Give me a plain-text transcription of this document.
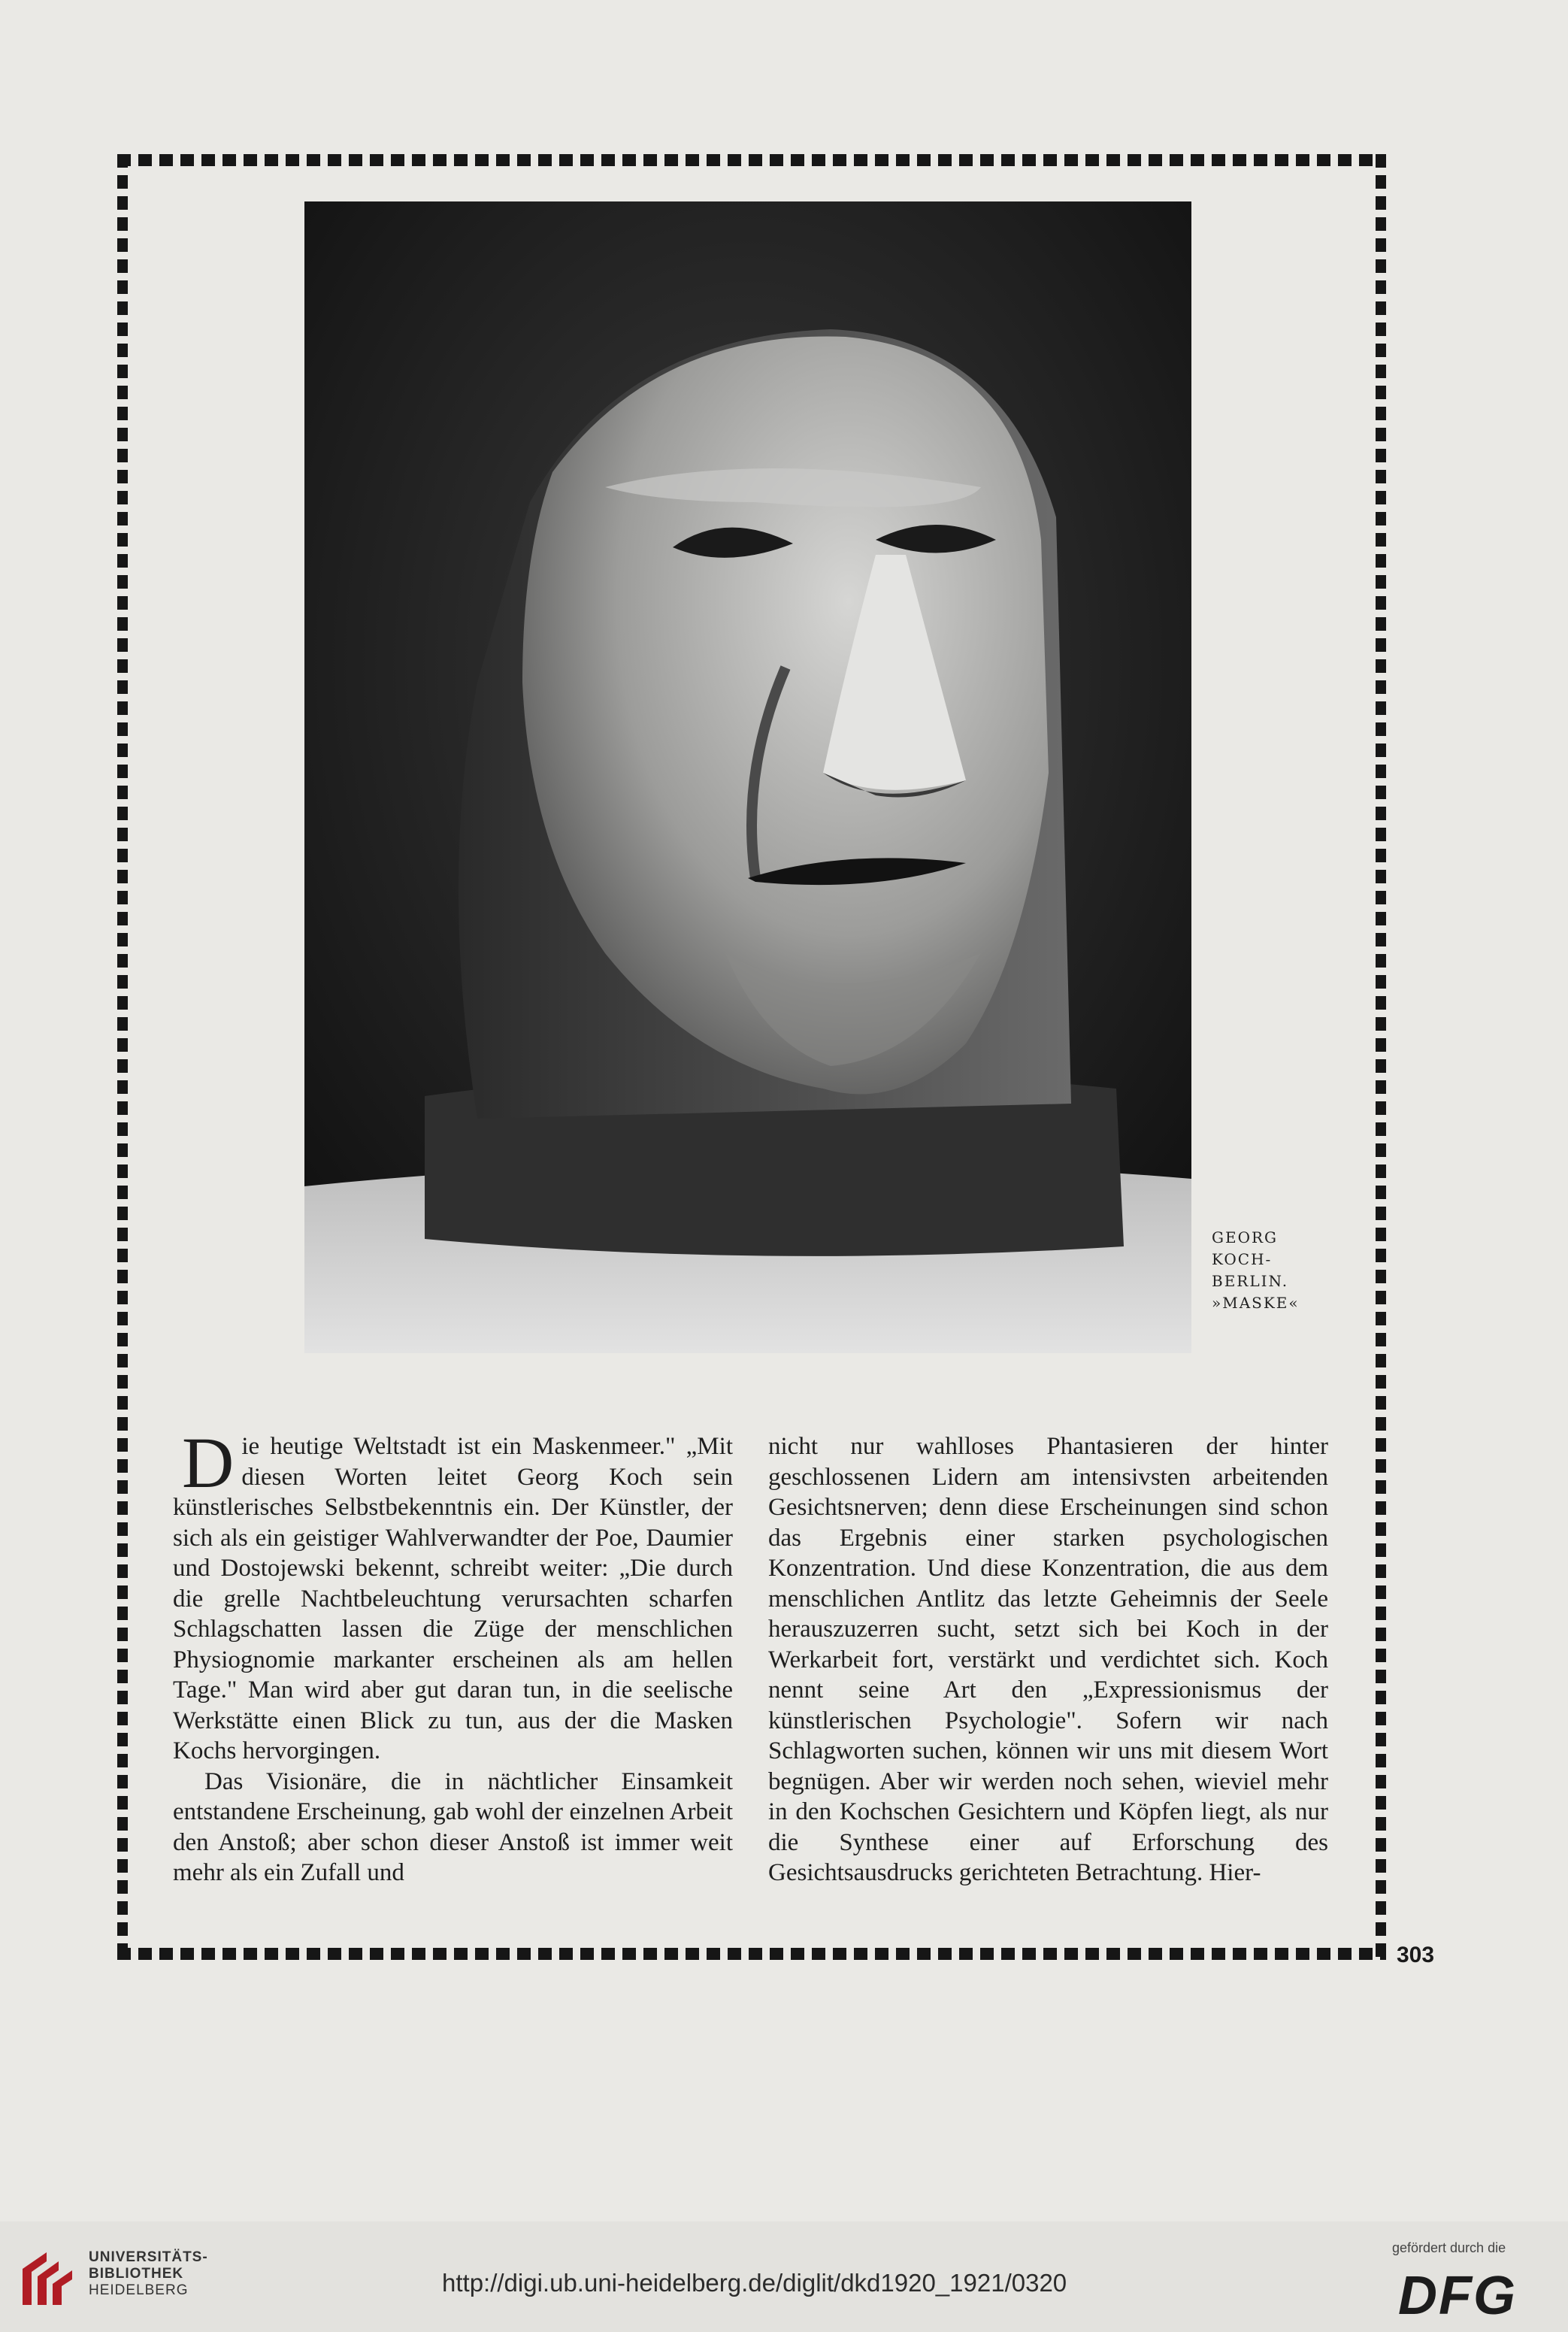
GEORG
KOCH-
BERLIN.
»MASKE«

Die heutige Weltstadt ist ein Maskenmeer." „Mit diesen Worten leitet Georg Koch sein künstlerisches Selbstbekenntnis ein. Der Künstler, der sich als ein geistiger Wahlverwandter der Poe, Daumier und Dostojewski bekennt, schreibt weiter: „Die durch die grelle Nachtbeleuchtung verursachten scharfen Schlagschatten lassen die Züge der menschlichen Physiognomie markanter erscheinen als am hellen Tage." Man wird aber gut daran tun, in die seelische Werkstätte einen Blick zu tun, aus der die Masken Kochs hervorgingen.

Das Visionäre, die in nächtlicher Einsamkeit entstandene Erscheinung, gab wohl der einzelnen Arbeit den Anstoß; aber schon dieser Anstoß ist immer weit mehr als ein Zufall und

nicht nur wahlloses Phantasieren der hinter geschlossenen Lidern am intensivsten arbeitenden Gesichtsnerven; denn diese Erscheinungen sind schon das Ergebnis einer starken psychologischen Konzentration. Und diese Konzentration, die aus dem menschlichen Antlitz das letzte Geheimnis der Seele herauszuzerren sucht, setzt sich bei Koch in der Werkarbeit fort, verstärkt und verdichtet sich. Koch nennt seine Art den „Expressionismus der künstlerischen Psychologie". Sofern wir nach Schlagworten suchen, können wir uns mit diesem Wort begnügen. Aber wir werden noch sehen, wieviel mehr in den Kochschen Gesichtern und Köpfen liegt, als nur die Synthese einer auf Erforschung des Gesichtsausdrucks gerichteten Betrachtung. Hier-

303
UNIVERSITÄTS-
BIBLIOTHEK
HEIDELBERG	http://digi.ub.uni-heidelberg.de/diglit/dkd1920_1921/0320
gefördert durch die
DFG
